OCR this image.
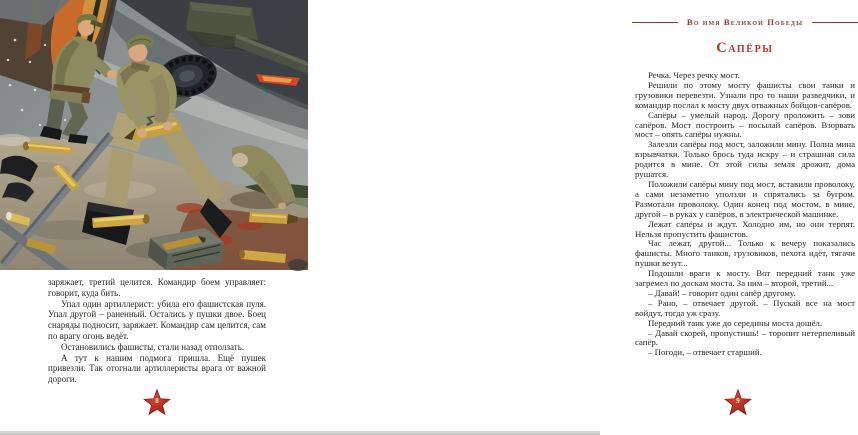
заряжает, третий целится. Командир боем управляет: говорит, куда бить.

Упал один артиллерист: убила его фашистская пуля. Упал другой – раненный. Остались у пушки двое. Боец снаряды подносит, заряжает. Командир сам целится, сам по врагу огонь ведёт.

Остановились фашисты, стали назад отползать.

А тут к нашим подмога пришла. Ещё пушек привезли. Так отогнали артиллеристы врага от важной дороги.

8
Во имя Великой Победы
Сапёры

Речка. Через речку мост.

Решили по этому мосту фашисты свои танки и грузовики перевезти. Узнали про то наши разведчики, и командир послал к мосту двух отважных бойцов-сапёров.

Сапёры – умелый народ. Дорогу проложить – зови сапёров. Мост построить – посылай сапёров. Взорвать мост – опять сапёры нужны.

Залезли сапёры под мост, заложили мину. Полна мина взрывчатки. Только брось туда искру – и страшная сила родится в мине. От этой силы земля дрожит, дома рушатся.

Положили сапёры мину под мост, вставили проволоку, а сами незаметно уползли и спрятались за бугром. Размотали проволоку. Один конец под мостом, в мине, другой – в руках у сапёров, в электрической машинке.

Лежат сапёры и ждут. Холодно им, но они терпят. Нельзя пропустить фашистов.

Час лежат, другой... Только к вечеру показались фашисты. Много танков, грузовиков, пехота идёт, тягачи пушки везут...

Подошли враги к мосту. Вот передний танк уже загремел по доскам моста. За ним – второй, третий...

– Давай! – говорит один сапёр другому.

– Рано, – отвечает другой. – Пускай все на мост войдут, тогда уж сразу.

Передний танк уже до середины моста дошёл.

– Давай скорей, пропустишь! – торопит нетерпеливый сапёр.

– Погоди, – отвечает старший.

9
